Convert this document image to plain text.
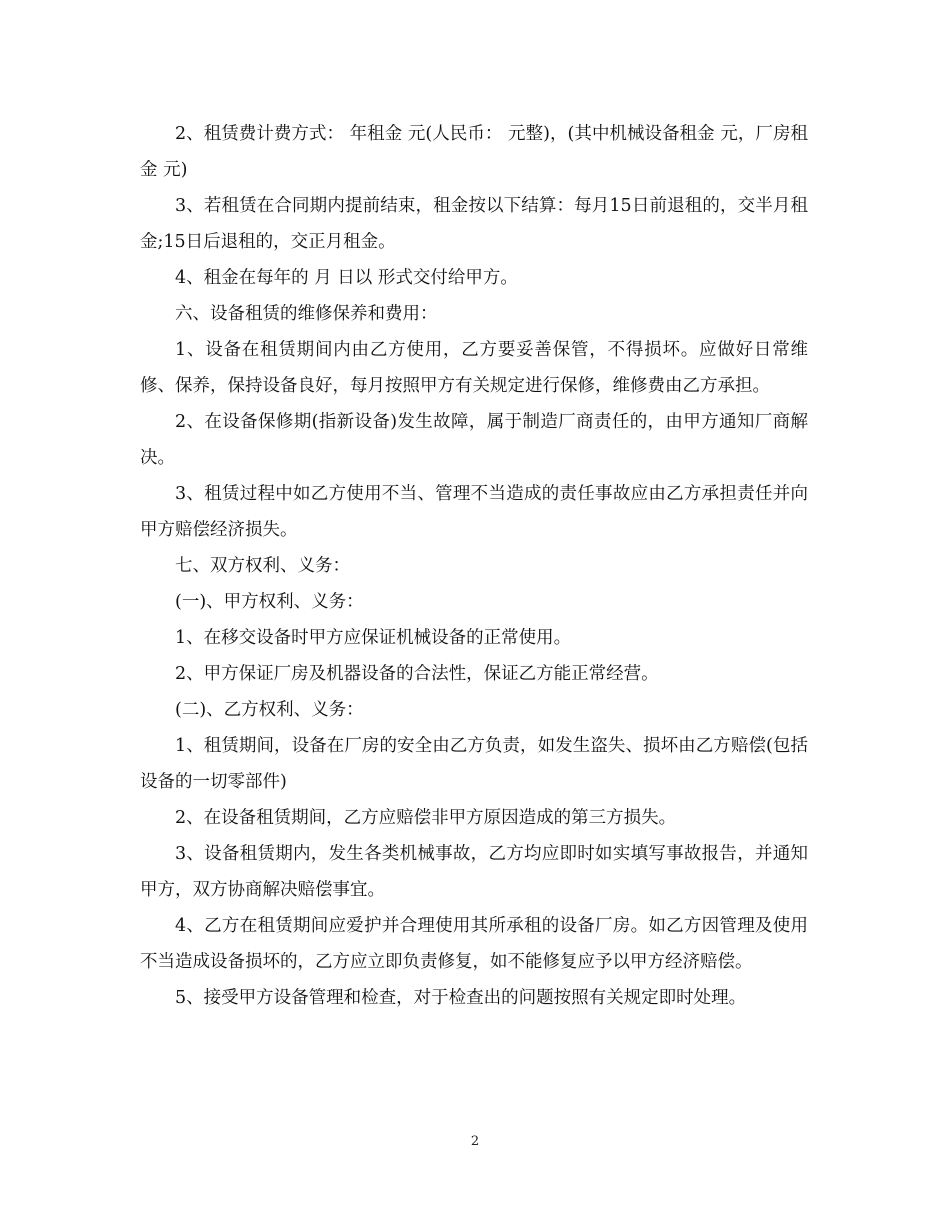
2、租赁费计费方式： 年租金 元(人民币： 元整)，(其中机械设备租金 元，厂房租金 元)

3、若租赁在合同期内提前结束，租金按以下结算：每月15日前退租的，交半月租金;15日后退租的，交正月租金。

4、租金在每年的 月 日以 形式交付给甲方。

六、设备租赁的维修保养和费用：

1、设备在租赁期间内由乙方使用，乙方要妥善保管，不得损坏。应做好日常维修、保养，保持设备良好，每月按照甲方有关规定进行保修，维修费由乙方承担。

2、在设备保修期(指新设备)发生故障，属于制造厂商责任的，由甲方通知厂商解决。

3、租赁过程中如乙方使用不当、管理不当造成的责任事故应由乙方承担责任并向甲方赔偿经济损失。

七、双方权利、义务：

(一)、甲方权利、义务：

1、在移交设备时甲方应保证机械设备的正常使用。

2、甲方保证厂房及机器设备的合法性，保证乙方能正常经营。

(二)、乙方权利、义务：

1、租赁期间，设备在厂房的安全由乙方负责，如发生盗失、损坏由乙方赔偿(包括设备的一切零部件)

2、在设备租赁期间，乙方应赔偿非甲方原因造成的第三方损失。

3、设备租赁期内，发生各类机械事故，乙方均应即时如实填写事故报告，并通知甲方，双方协商解决赔偿事宜。

4、乙方在租赁期间应爱护并合理使用其所承租的设备厂房。如乙方因管理及使用不当造成设备损坏的，乙方应立即负责修复，如不能修复应予以甲方经济赔偿。

5、接受甲方设备管理和检查，对于检查出的问题按照有关规定即时处理。

2
